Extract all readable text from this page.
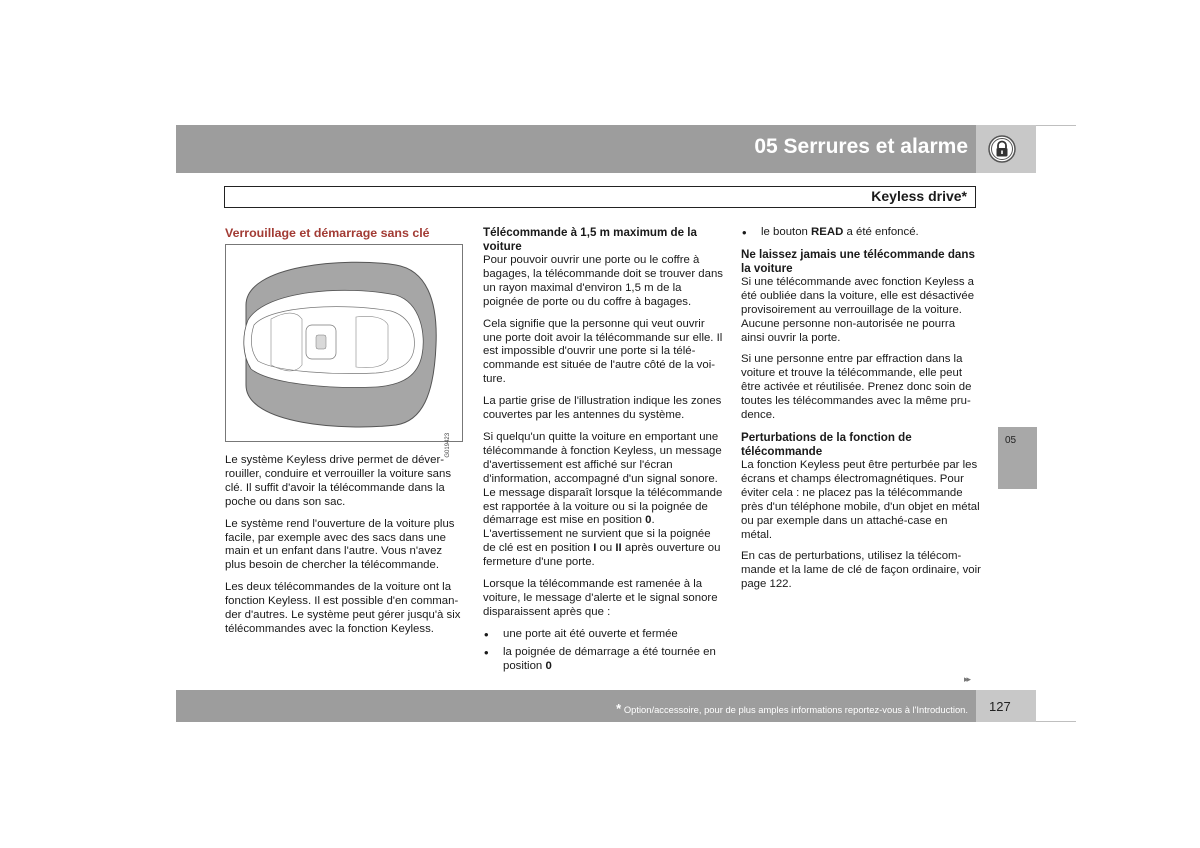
05 Serrures et alarme
Keyless drive*
Verrouillage et démarrage sans clé
G019423

Le système Keyless drive permet de déverrouiller, conduire et verrouiller la voiture sans clé. Il suffit d'avoir la télécommande dans la poche ou dans son sac.

Le système rend l'ouverture de la voiture plus facile, par exemple avec des sacs dans une main et un enfant dans l'autre. Vous n'avez plus besoin de chercher la télécommande.

Les deux télécommandes de la voiture ont la fonction Keyless. Il est possible d'en commander d'autres. Le système peut gérer jusqu'à six télécommandes avec la fonction Keyless.

Télécommande à 1,5 m maximum de la voiture

Pour pouvoir ouvrir une porte ou le coffre à bagages, la télécommande doit se trouver dans un rayon maximal d'environ 1,5 m de la poignée de porte ou du coffre à bagages.

Cela signifie que la personne qui veut ouvrir une porte doit avoir la télécommande sur elle. Il est impossible d'ouvrir une porte si la télécommande est située de l'autre côté de la voiture.

La partie grise de l'illustration indique les zones couvertes par les antennes du système.

Si quelqu'un quitte la voiture en emportant une télécommande à fonction Keyless, un message d'avertissement est affiché sur l'écran d'information, accompagné d'un signal sonore. Le message disparaît lorsque la télécommande est rapportée à la voiture ou si la poignée de démarrage est mise en position 0. L'avertissement ne survient que si la poignée de clé est en position I ou II après ouverture ou fermeture d'une porte.

Lorsque la télécommande est ramenée à la voiture, le message d'alerte et le signal sonore disparaissent après que :

• une porte ait été ouverte et fermée
• la poignée de démarrage a été tournée en position 0
• le bouton READ a été enfoncé.
Ne laissez jamais une télécommande dans la voiture

Si une télécommande avec fonction Keyless a été oubliée dans la voiture, elle est désactivée provisoirement au verrouillage de la voiture. Aucune personne non-autorisée ne pourra ainsi ouvrir la porte.

Si une personne entre par effraction dans la voiture et trouve la télécommande, elle peut être activée et réutilisée. Prenez donc soin de toutes les télécommandes avec la même prudence.

Perturbations de la fonction de télécommande

La fonction Keyless peut être perturbée par les écrans et champs électromagnétiques. Pour éviter cela : ne placez pas la télécommande près d'un téléphone mobile, d'un objet en métal ou par exemple dans un attaché-case en métal.

En cas de perturbations, utilisez la télécommande et la lame de clé de façon ordinaire, voir page 122.

05
▸▸
* Option/accessoire, pour de plus amples informations reportez-vous à l'Introduction. 127
